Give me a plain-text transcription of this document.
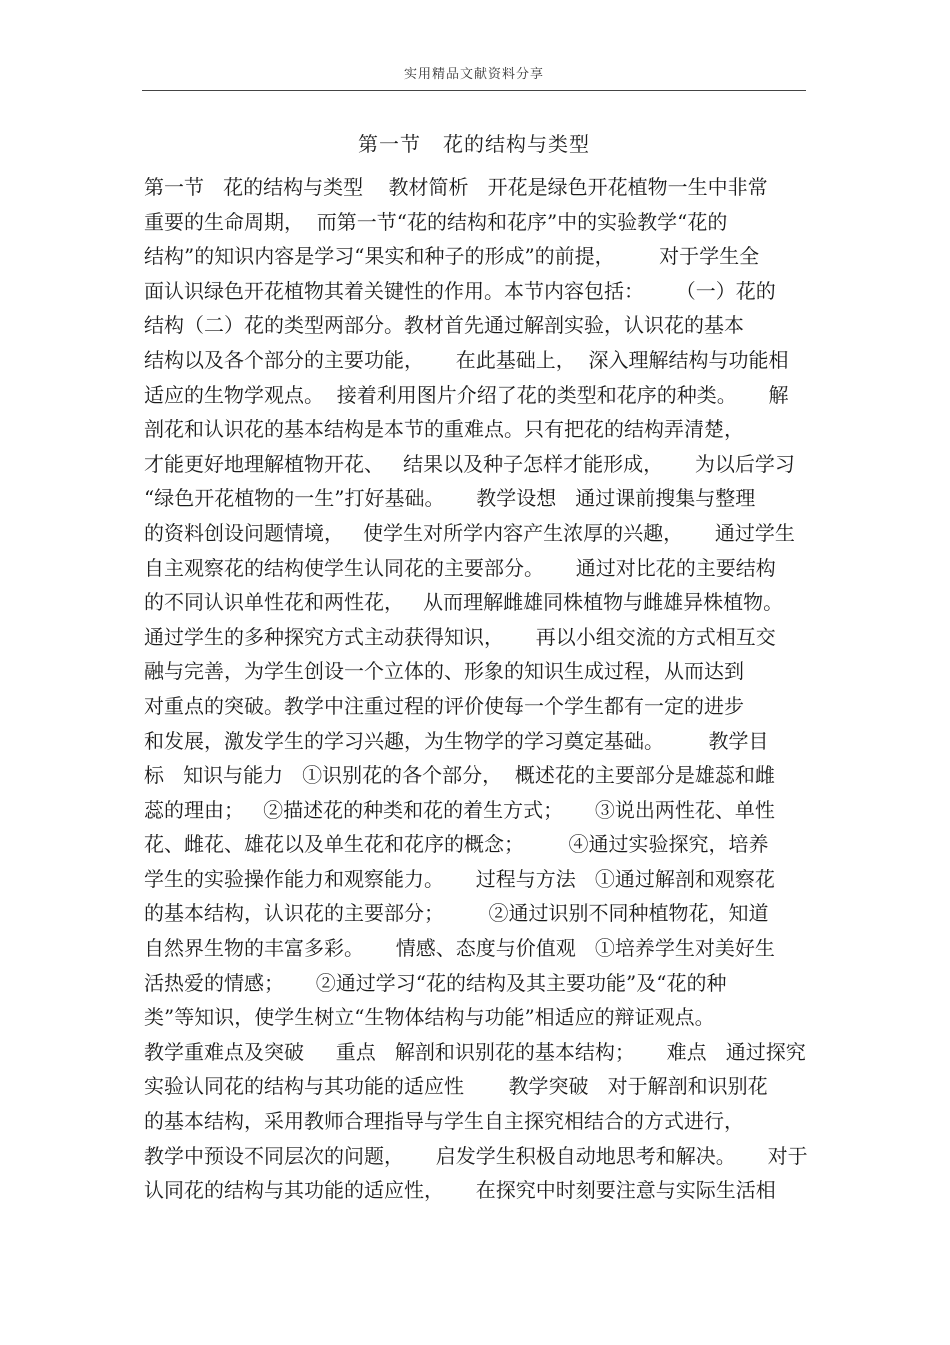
实用精品文献资料分享
第一节   花的结构与类型
第一节   花的结构与类型    教材简析   开花是绿色开花植物一生中非常
重要的生命周期，  而第一节“花的结构和花序”中的实验教学“花的
结构”的知识内容是学习“果实和种子的形成”的前提，       对于学生全
面认识绿色开花植物其着关键性的作用。本节内容包括：     （一）花的
结构（二）花的类型两部分。教材首先通过解剖实验，认识花的基本
结构以及各个部分的主要功能，     在此基础上，  深入理解结构与功能相
适应的生物学观点。  接着利用图片介绍了花的类型和花序的种类。     解
剖花和认识花的基本结构是本节的重难点。只有把花的结构弄清楚，
才能更好地理解植物开花、   结果以及种子怎样才能形成，     为以后学习
“绿色开花植物的一生”打好基础。     教学设想   通过课前搜集与整理
的资料创设问题情境，   使学生对所学内容产生浓厚的兴趣，     通过学生
自主观察花的结构使学生认同花的主要部分。     通过对比花的主要结构
的不同认识单性花和两性花，   从而理解雌雄同株植物与雌雄异株植物。
通过学生的多种探究方式主动获得知识，     再以小组交流的方式相互交
融与完善，为学生创设一个立体的、形象的知识生成过程，从而达到
对重点的突破。教学中注重过程的评价使每一个学生都有一定的进步
和发展，激发学生的学习兴趣，为生物学的学习奠定基础。       教学目
标   知识与能力   ①识别花的各个部分，  概述花的主要部分是雄蕊和雌
蕊的理由；   ②描述花的种类和花的着生方式；     ③说出两性花、单性
花、雌花、雄花以及单生花和花序的概念；       ④通过实验探究，培养
学生的实验操作能力和观察能力。     过程与方法   ①通过解剖和观察花
的基本结构，认识花的主要部分；       ②通过识别不同种植物花，知道
自然界生物的丰富多彩。     情感、态度与价值观   ①培养学生对美好生
活热爱的情感；     ②通过学习“花的结构及其主要功能”及“花的种
类”等知识，使学生树立“生物体结构与功能”相适应的辩证观点。
教学重难点及突破     重点   解剖和识别花的基本结构；     难点   通过探究
实验认同花的结构与其功能的适应性       教学突破   对于解剖和识别花
的基本结构，采用教师合理指导与学生自主探究相结合的方式进行，
教学中预设不同层次的问题，     启发学生积极自动地思考和解决。     对于
认同花的结构与其功能的适应性，     在探究中时刻要注意与实际生活相
